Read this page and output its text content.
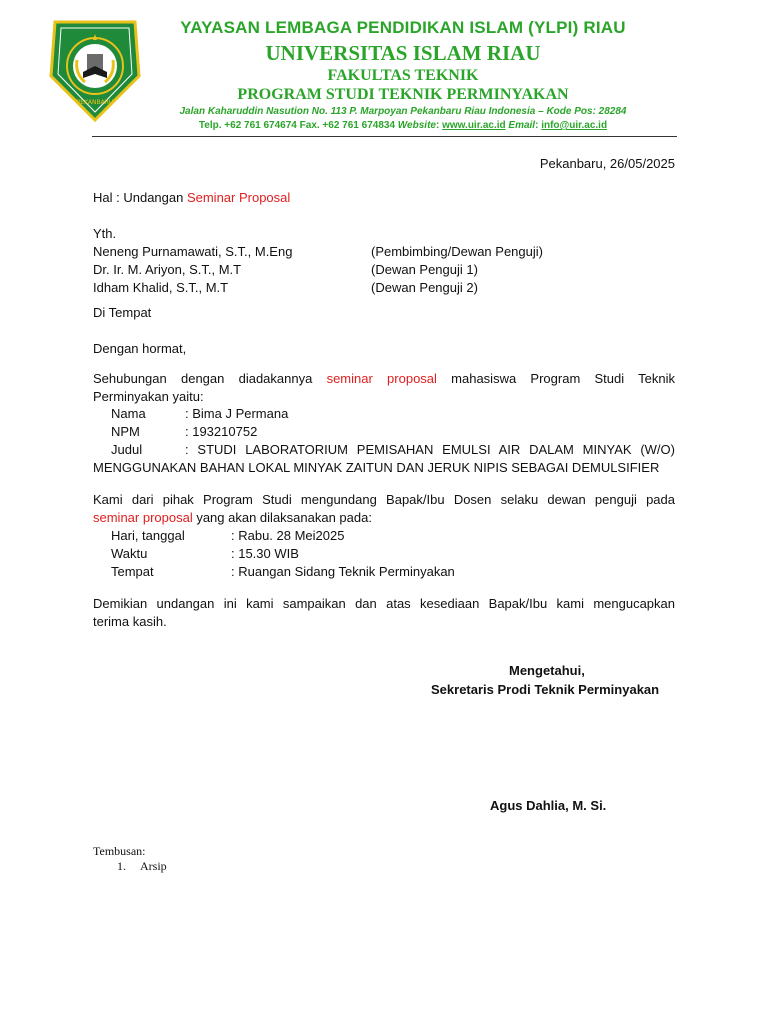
PEKANBARU
YAYASAN LEMBAGA PENDIDIKAN ISLAM (YLPI) RIAU
UNIVERSITAS ISLAM RIAU
FAKULTAS TEKNIK
PROGRAM STUDI TEKNIK PERMINYAKAN
Jalan Kaharuddin Nasution No. 113 P. Marpoyan Pekanbaru Riau Indonesia – Kode Pos: 28284
Telp. +62 761 674674 Fax. +62 761 674834 Website: www.uir.ac.id Email: info@uir.ac.id
Pekanbaru, 26/05/2025
Hal : Undangan Seminar Proposal
Yth.
Neneng Purnamawati, S.T., M.Eng	(Pembimbing/Dewan Penguji)
Dr. Ir. M. Ariyon, S.T., M.T	(Dewan Penguji 1)
Idham Khalid, S.T., M.T	(Dewan Penguji 2)
Di Tempat
Dengan hormat,
Sehubungan dengan diadakannya seminar proposal mahasiswa Program Studi Teknik
Perminyakan yaitu:
Nama	: Bima J Permana
NPM	: 193210752
Judul	: STUDI LABORATORIUM PEMISAHAN EMULSI AIR DALAM MINYAK (W/O)
MENGGUNAKAN BAHAN LOKAL MINYAK ZAITUN DAN JERUK NIPIS SEBAGAI DEMULSIFIER
Kami dari pihak Program Studi mengundang Bapak/Ibu Dosen selaku dewan penguji pada
seminar proposal yang akan dilaksanakan pada:
Hari, tanggal	: Rabu. 28 Mei2025
Waktu	: 15.30 WIB
Tempat	: Ruangan Sidang Teknik Perminyakan
Demikian undangan ini kami sampaikan dan atas kesediaan Bapak/Ibu kami mengucapkan
terima kasih.
Mengetahui,
Sekretaris Prodi Teknik Perminyakan
Agus Dahlia, M. Si.
Tembusan:
1. Arsip
